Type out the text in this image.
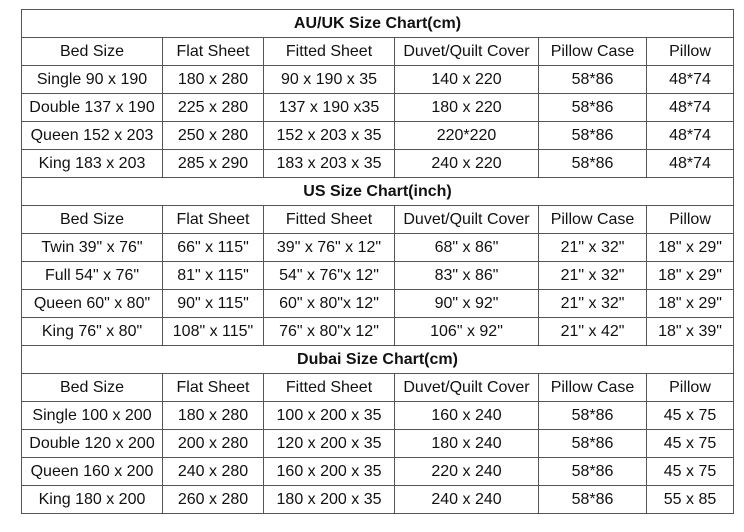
AU/UK Size Chart(cm)					
Bed Size	Flat Sheet	Fitted Sheet	Duvet/Quilt Cover	Pillow Case	Pillow
Single 90 x 190	180 x 280	90 x 190 x 35	140 x 220	58*86	48*74
Double 137 x 190	225 x 280	137 x 190 x35	180 x 220	58*86	48*74
Queen 152 x 203	250 x 280	152 x 203 x 35	220*220	58*86	48*74
King 183 x 203	285 x 290	183 x 203 x 35	240 x 220	58*86	48*74
US Size Chart(inch)					
Bed Size	Flat Sheet	Fitted Sheet	Duvet/Quilt Cover	Pillow Case	Pillow
Twin 39" x 76"	66" x 115"	39" x 76" x 12"	68" x 86"	21" x 32"	18" x 29"
Full 54" x 76"	81" x 115"	54" x 76"x 12"	83" x 86"	21" x 32"	18" x 29"
Queen 60" x 80"	90" x 115"	60" x 80"x 12"	90" x 92"	21" x 32"	18" x 29"
King 76" x 80"	108" x 115"	76" x 80"x 12"	106" x 92"	21" x 42"	18" x 39"
Dubai Size Chart(cm)					
Bed Size	Flat Sheet	Fitted Sheet	Duvet/Quilt Cover	Pillow Case	Pillow
Single 100 x 200	180 x 280	100 x 200 x 35	160 x 240	58*86	45 x 75
Double 120 x 200	200 x 280	120 x 200 x 35	180 x 240	58*86	45 x 75
Queen 160 x 200	240 x 280	160 x 200 x 35	220 x 240	58*86	45 x 75
King 180 x 200	260 x 280	180 x 200 x 35	240 x 240	58*86	55 x 85
